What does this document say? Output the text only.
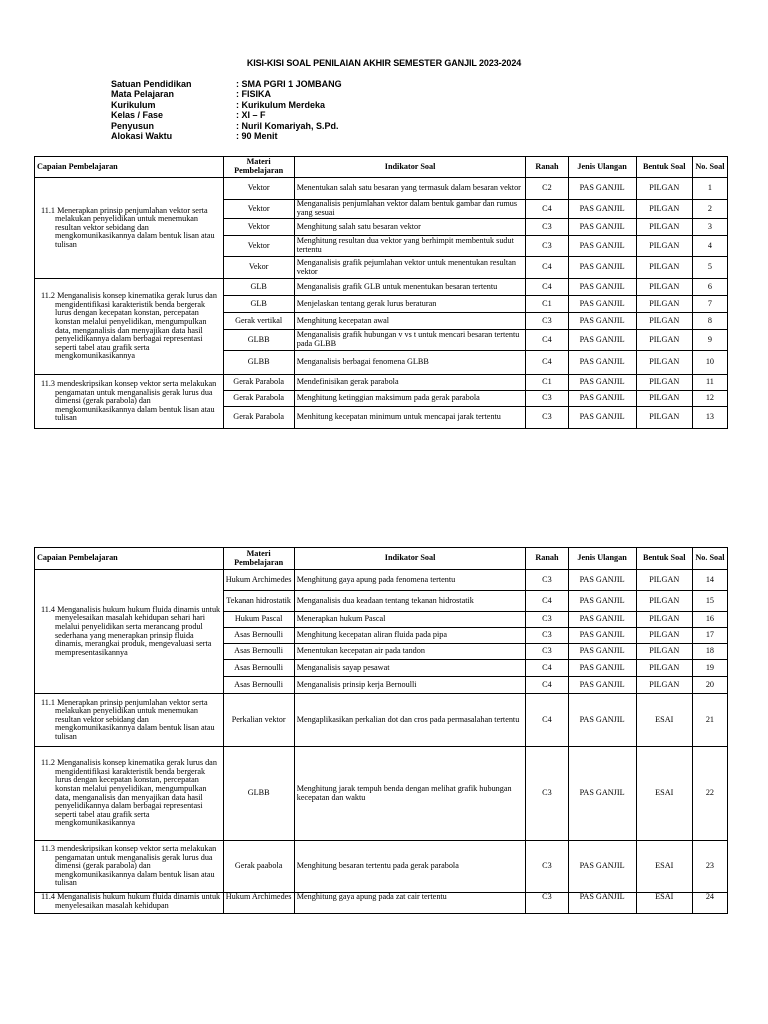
KISI-KISI SOAL PENILAIAN AKHIR SEMESTER GANJIL 2023-2024
Satuan Pendidikan	: SMA PGRI 1 JOMBANG
Mata Pelajaran	: FISIKA
Kurikulum	: Kurikulum Merdeka
Kelas / Fase	: XI – F
Penyusun	: Nuril Komariyah, S.Pd.
Alokasi Waktu	: 90 Menit
Capaian Pembelajaran	Materi Pembelajaran	Indikator Soal	Ranah	Jenis Ulangan	Bentuk Soal	No. Soal

11.1 Menerapkan prinsip penjumlahan vektor serta melakukan penyelidikan untuk menemukan resultan vektor sebidang dan mengkomunikasikannya dalam bentuk lisan atau tulisan	Vektor	Menentukan salah satu besaran yang termasuk dalam besaran vektor	C2	PAS GANJIL	PILGAN	1
	Vektor	Menganalisis penjumlahan vektor dalam bentuk gambar dan rumus yang sesuai	C4	PAS GANJIL	PILGAN	2
	Vektor	Menghitung salah satu besaran vektor	C3	PAS GANJIL	PILGAN	3
	Vektor	Menghitung resultan dua vektor yang berhimpit membentuk sudut tertentu	C3	PAS GANJIL	PILGAN	4
	Vekor	Menganalisis grafik pejumlahan vektor untuk menentukan resultan vektor	C4	PAS GANJIL	PILGAN	5

11.2 Menganalisis konsep kinematika gerak lurus dan mengidentifikasi karakteristik benda bergerak lurus dengan kecepatan konstan, percepatan konstan melalui penyelidikan, mengumpulkan data, menganalisis dan menyajikan data hasil penyelidikannya dalam berbagai representasi seperti tabel atau grafik serta mengkomunikasikannya	GLB	Menganalisis grafik GLB untuk menentukan besaran tertentu	C4	PAS GANJIL	PILGAN	6
	GLB	Menjelaskan tentang gerak lurus beraturan	C1	PAS GANJIL	PILGAN	7
	Gerak vertikal	Menghitung kecepatan awal	C3	PAS GANJIL	PILGAN	8
	GLBB	Menganalisis grafik hubungan v vs t untuk mencari besaran tertentu pada GLBB	C4	PAS GANJIL	PILGAN	9
	GLBB	Menganalisis berbagai fenomena GLBB	C4	PAS GANJIL	PILGAN	10

11.3 mendeskripsikan konsep vektor serta melakukan pengamatan untuk menganalisis gerak lurus dua dimensi (gerak parabola) dan mengkomunikasikannya dalam bentuk lisan atau tulisan	Gerak Parabola	Mendefinisikan gerak parabola	C1	PAS GANJIL	PILGAN	11
	Gerak Parabola	Menghitung ketinggian maksimum pada gerak parabola	C3	PAS GANJIL	PILGAN	12
	Gerak Parabola	Menhitung kecepatan minimum untuk mencapai jarak tertentu	C3	PAS GANJIL	PILGAN	13
Capaian Pembelajaran	Materi Pembelajaran	Indikator Soal	Ranah	Jenis Ulangan	Bentuk Soal	No. Soal

11.4 Menganalisis hukum hukum fluida dinamis untuk menyelesaikan masalah kehidupan sehari hari melalui penyelidikan serta merancang produl sederhana yang menerapkan prinsip fluida dinamis, merangkai produk, mengevaluasi serta mempresentasikannya	Hukum Archimedes	Menghitung gaya apung pada fenomena tertentu	C3	PAS GANJIL	PILGAN	14
	Tekanan hidrostatik	Menganalisis dua keadaan tentang tekanan hidrostatik	C4	PAS GANJIL	PILGAN	15
	Hukum Pascal	Menerapkan hukum Pascal	C3	PAS GANJIL	PILGAN	16
	Asas Bernoulli	Menghitung kecepatan aliran fluida pada pipa	C3	PAS GANJIL	PILGAN	17
	Asas Bernoulli	Menentukan kecepatan air pada tandon	C3	PAS GANJIL	PILGAN	18
	Asas Bernoulli	Menganalisis sayap pesawat	C4	PAS GANJIL	PILGAN	19
	Asas Bernoulli	Menganalisis prinsip kerja Bernoulli	C4	PAS GANJIL	PILGAN	20

11.1 Menerapkan prinsip penjumlahan vektor serta melakukan penyelidikan untuk menemukan resultan vektor sebidang dan mengkomunikasikannya dalam bentuk lisan atau tulisan	Perkalian vektor	Mengaplikasikan perkalian dot dan cros pada permasalahan tertentu	C4	PAS GANJIL	ESAI	21

11.2 Menganalisis konsep kinematika gerak lurus dan mengidentifikasi karakteristik benda bergerak lurus dengan kecepatan konstan, percepatan konstan melalui penyelidikan, mengumpulkan data, menganalisis dan menyajikan data hasil penyelidikannya dalam berbagai representasi seperti tabel atau grafik serta mengkomunikasikannya	GLBB	Menghitung jarak tempuh benda dengan melihat grafik hubungan kecepatan dan waktu	C3	PAS GANJIL	ESAI	22

11.3 mendeskripsikan konsep vektor serta melakukan pengamatan untuk menganalisis gerak lurus dua dimensi (gerak parabola) dan mengkomunikasikannya dalam bentuk lisan atau tulisan	Gerak paabola	Menghitung besaran tertentu pada gerak parabola	C3	PAS GANJIL	ESAI	23

11.4 Menganalisis hukum hukum fluida dinamis untuk menyelesaikan masalah kehidupan	Hukum Archimedes	Menghitung gaya apung pada zat cair tertentu	C3	PAS GANJIL	ESAI	24
